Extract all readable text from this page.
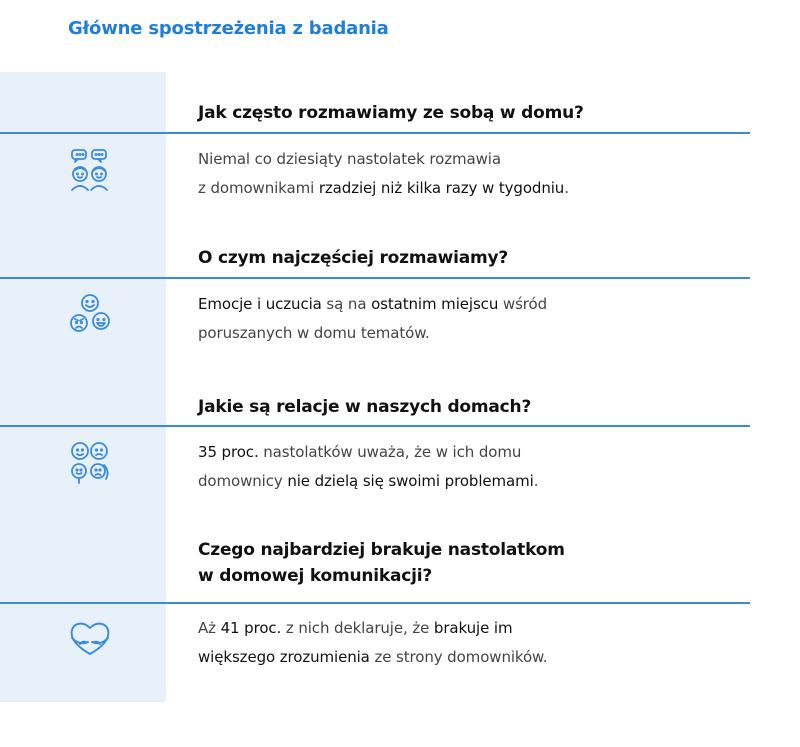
Główne spostrzeżenia z badania
Jak często rozmawiamy ze sobą w domu?
Niemal co dziesiąty nastolatek rozmawia
z domownikami rzadziej niż kilka razy w tygodniu.
O czym najczęściej rozmawiamy?
Emocje i uczucia są na ostatnim miejscu wśród
poruszanych w domu tematów.
Jakie są relacje w naszych domach?
35 proc. nastolatków uważa, że w ich domu
domownicy nie dzielą się swoimi problemami.
Czego najbardziej brakuje nastolatkom
w domowej komunikacji?
Aż 41 proc. z nich deklaruje, że brakuje im
większego zrozumienia ze strony domowników.
